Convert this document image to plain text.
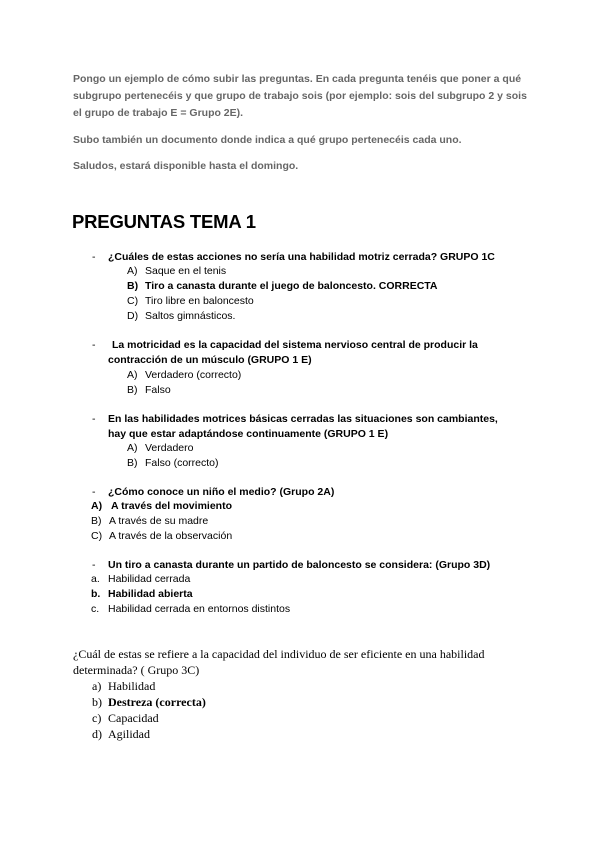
Pongo un ejemplo de cómo subir las preguntas. En cada pregunta tenéis que poner a qué subgrupo pertenecéis y que grupo de trabajo sois (por ejemplo: sois del subgrupo 2 y sois el grupo de trabajo E = Grupo 2E).

Subo también un documento donde indica a qué grupo pertenecéis cada uno.

Saludos, estará disponible hasta el domingo.

PREGUNTAS TEMA 1
- ¿Cuáles de estas acciones no sería una habilidad motriz cerrada? GRUPO 1C
A) Saque en el tenis
B) Tiro a canasta durante el juego de baloncesto. CORRECTA
C) Tiro libre en baloncesto
D) Saltos gimnásticos.
- La motricidad es la capacidad del sistema nervioso central de producir la
contracción de un músculo (GRUPO 1 E)
A) Verdadero (correcto)
B) Falso
- En las habilidades motrices básicas cerradas las situaciones son cambiantes,
hay que estar adaptándose continuamente (GRUPO 1 E)
A) Verdadero
B) Falso (correcto)
- ¿Cómo conoce un niño el medio? (Grupo 2A)
A) A través del movimiento
B) A través de su madre
C) A través de la observación
- Un tiro a canasta durante un partido de baloncesto se considera: (Grupo 3D)
a. Habilidad cerrada
b. Habilidad abierta
c. Habilidad cerrada en entornos distintos
¿Cuál de estas se refiere a la capacidad del individuo de ser eficiente en una habilidad
determinada? ( Grupo 3C)
a) Habilidad
b) Destreza (correcta)
c) Capacidad
d) Agilidad
